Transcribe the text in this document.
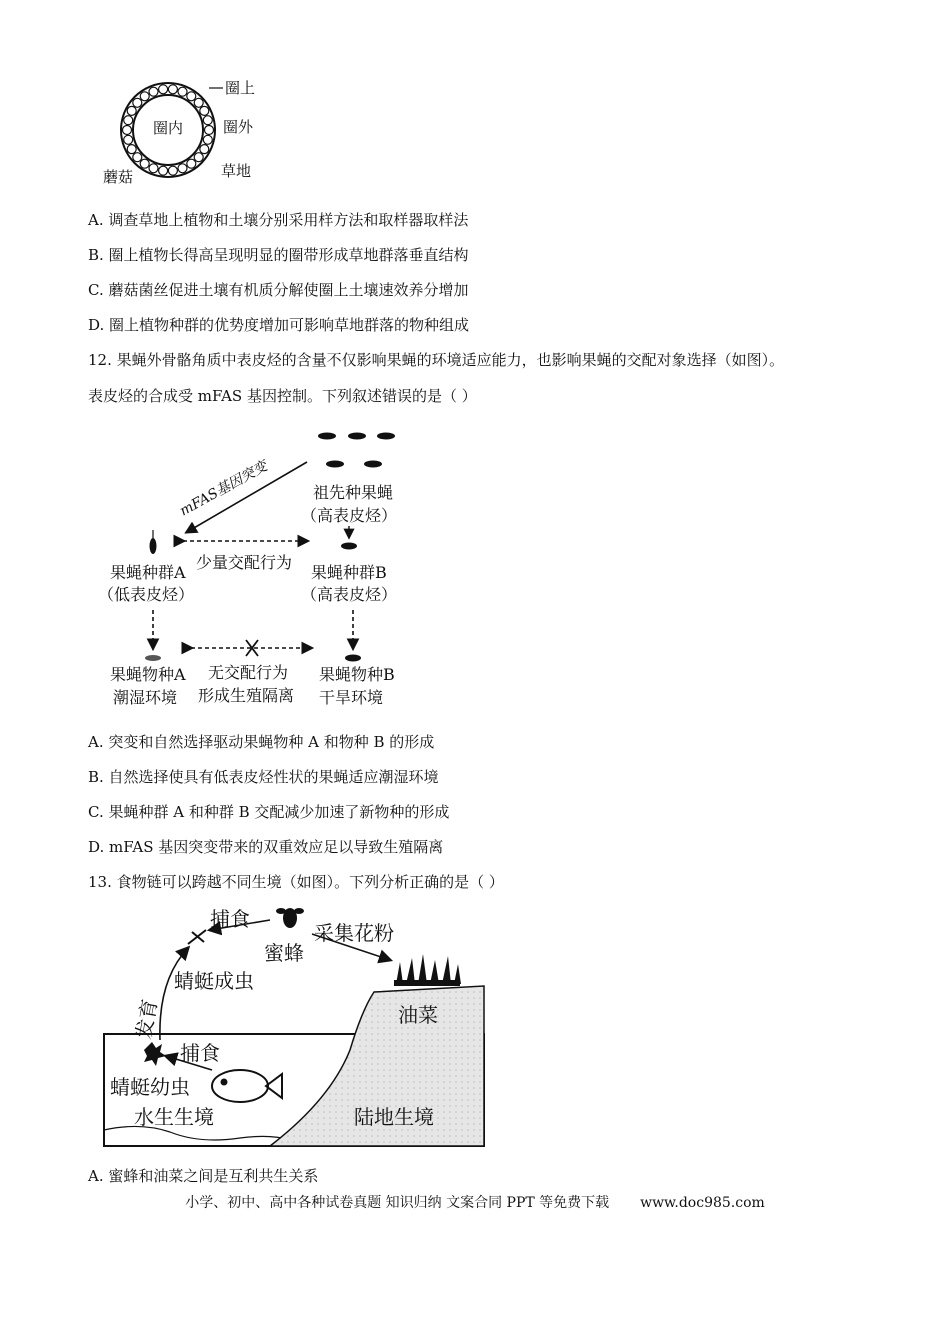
圈上
圈内	圈外
蘑菇	草地
A. 调查草地上植物和土壤分别采用样方法和取样器取样法
B. 圈上植物长得高呈现明显的圈带形成草地群落垂直结构
C. 蘑菇菌丝促进土壤有机质分解使圈上土壤速效养分增加
D. 圈上植物种群的优势度增加可影响草地群落的物种组成
12. 果蝇外骨骼角质中表皮烃的含量不仅影响果蝇的环境适应能力，也影响果蝇的交配对象选择（如图）。
表皮烃的合成受 mFAS 基因控制。下列叙述错误的是（ ）
mFAS基因突变	祖先种果蝇
（高表皮烃）
少量交配行为
果蝇种群A
（低表皮烃）
果蝇种群B
（高表皮烃）
果蝇物种A
潮湿环境
无交配行为
形成生殖隔离
果蝇物种B
干旱环境
A. 突变和自然选择驱动果蝇物种 A 和物种 B 的形成
B. 自然选择使具有低表皮烃性状的果蝇适应潮湿环境
C. 果蝇种群 A 和种群 B 交配减少加速了新物种的形成
D. mFAS 基因突变带来的双重效应足以导致生殖隔离
13. 食物链可以跨越不同生境（如图）。下列分析正确的是（ ）
捕食
蜜蜂
采集花粉
蜻蜓成虫
发育	油菜
捕食
蜻蜓幼虫
水生生境	陆地生境
A. 蜜蜂和油菜之间是互利共生关系
小学、初中、高中各种试卷真题 知识归纳 文案合同 PPT 等免费下载 www.doc985.com
